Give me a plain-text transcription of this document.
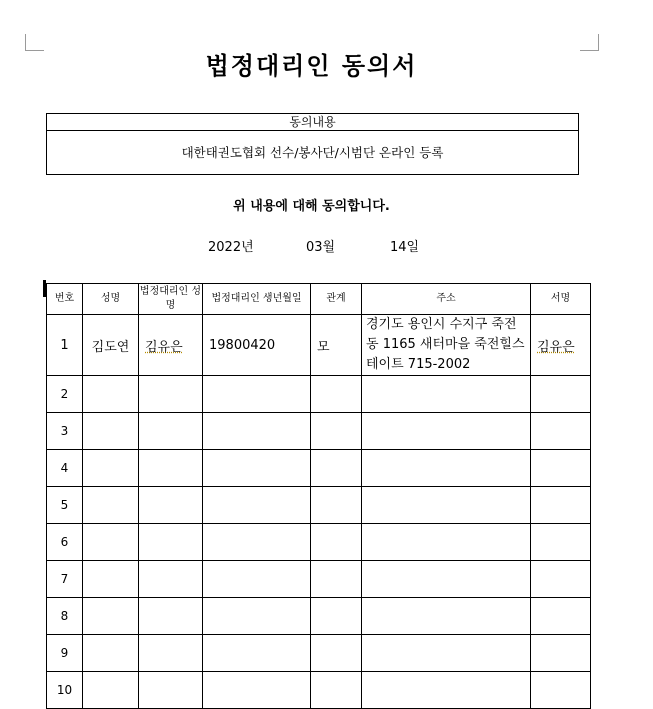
법정대리인 동의서
동의내용
대한태권도협회 선수/봉사단/시범단 온라인 등록
위 내용에 대해 동의합니다.
2022년	03월	14일
번호	성명	법정대리인 성명	법정대리인 생년월일	관계	주소	서명
1	김도연	김유은	19800420	모	경기도 용인시 수지구 죽전동 1165 새터마을 죽전힐스테이트 715-2002	김유은
2						
3						
4						
5						
6						
7						
8						
9						
10						
